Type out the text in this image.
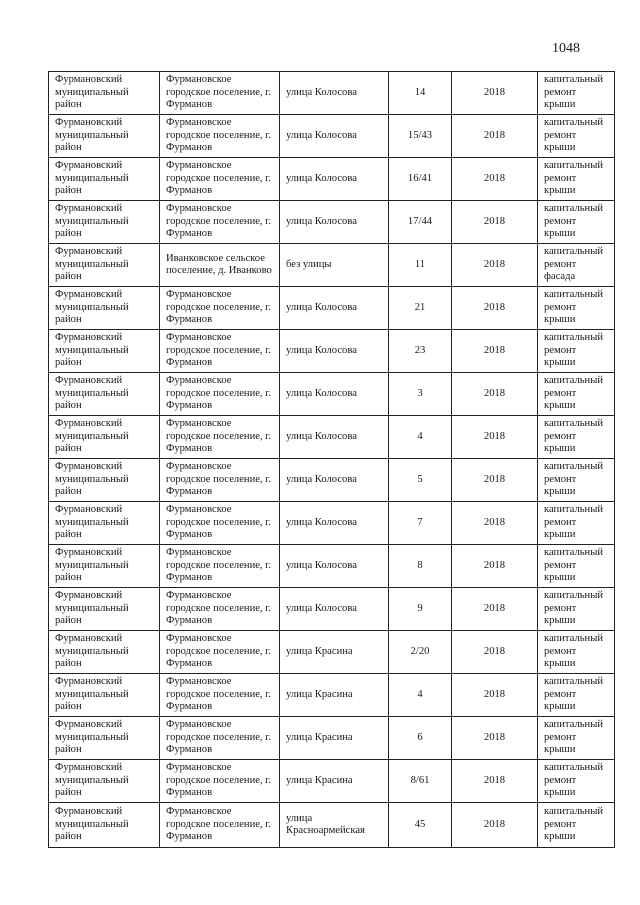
1048
Фурмановский муниципальный район	Фурмановское городское поселение, г. Фурманов	улица Колосова	14	2018	капитальный ремонт крыши

Фурмановский муниципальный район	Фурмановское городское поселение, г. Фурманов	улица Колосова	15/43	2018	капитальный ремонт крыши

Фурмановский муниципальный район	Фурмановское городское поселение, г. Фурманов	улица Колосова	16/41	2018	капитальный ремонт крыши

Фурмановский муниципальный район	Фурмановское городское поселение, г. Фурманов	улица Колосова	17/44	2018	капитальный ремонт крыши

Фурмановский муниципальный район	Иванковское сельское поселение, д. Иванково	без улицы	11	2018	капитальный ремонт фасада

Фурмановский муниципальный район	Фурмановское городское поселение, г. Фурманов	улица Колосова	21	2018	капитальный ремонт крыши

Фурмановский муниципальный район	Фурмановское городское поселение, г. Фурманов	улица Колосова	23	2018	капитальный ремонт крыши

Фурмановский муниципальный район	Фурмановское городское поселение, г. Фурманов	улица Колосова	3	2018	капитальный ремонт крыши

Фурмановский муниципальный район	Фурмановское городское поселение, г. Фурманов	улица Колосова	4	2018	капитальный ремонт крыши

Фурмановский муниципальный район	Фурмановское городское поселение, г. Фурманов	улица Колосова	5	2018	капитальный ремонт крыши

Фурмановский муниципальный район	Фурмановское городское поселение, г. Фурманов	улица Колосова	7	2018	капитальный ремонт крыши

Фурмановский муниципальный район	Фурмановское городское поселение, г. Фурманов	улица Колосова	8	2018	капитальный ремонт крыши

Фурмановский муниципальный район	Фурмановское городское поселение, г. Фурманов	улица Колосова	9	2018	капитальный ремонт крыши

Фурмановский муниципальный район	Фурмановское городское поселение, г. Фурманов	улица Красина	2/20	2018	капитальный ремонт крыши

Фурмановский муниципальный район	Фурмановское городское поселение, г. Фурманов	улица Красина	4	2018	капитальный ремонт крыши

Фурмановский муниципальный район	Фурмановское городское поселение, г. Фурманов	улица Красина	6	2018	капитальный ремонт крыши

Фурмановский муниципальный район	Фурмановское городское поселение, г. Фурманов	улица Красина	8/61	2018	капитальный ремонт крыши

Фурмановский муниципальный район	Фурмановское городское поселение, г. Фурманов	улица Красноармейская	45	2018	капитальный ремонт крыши
